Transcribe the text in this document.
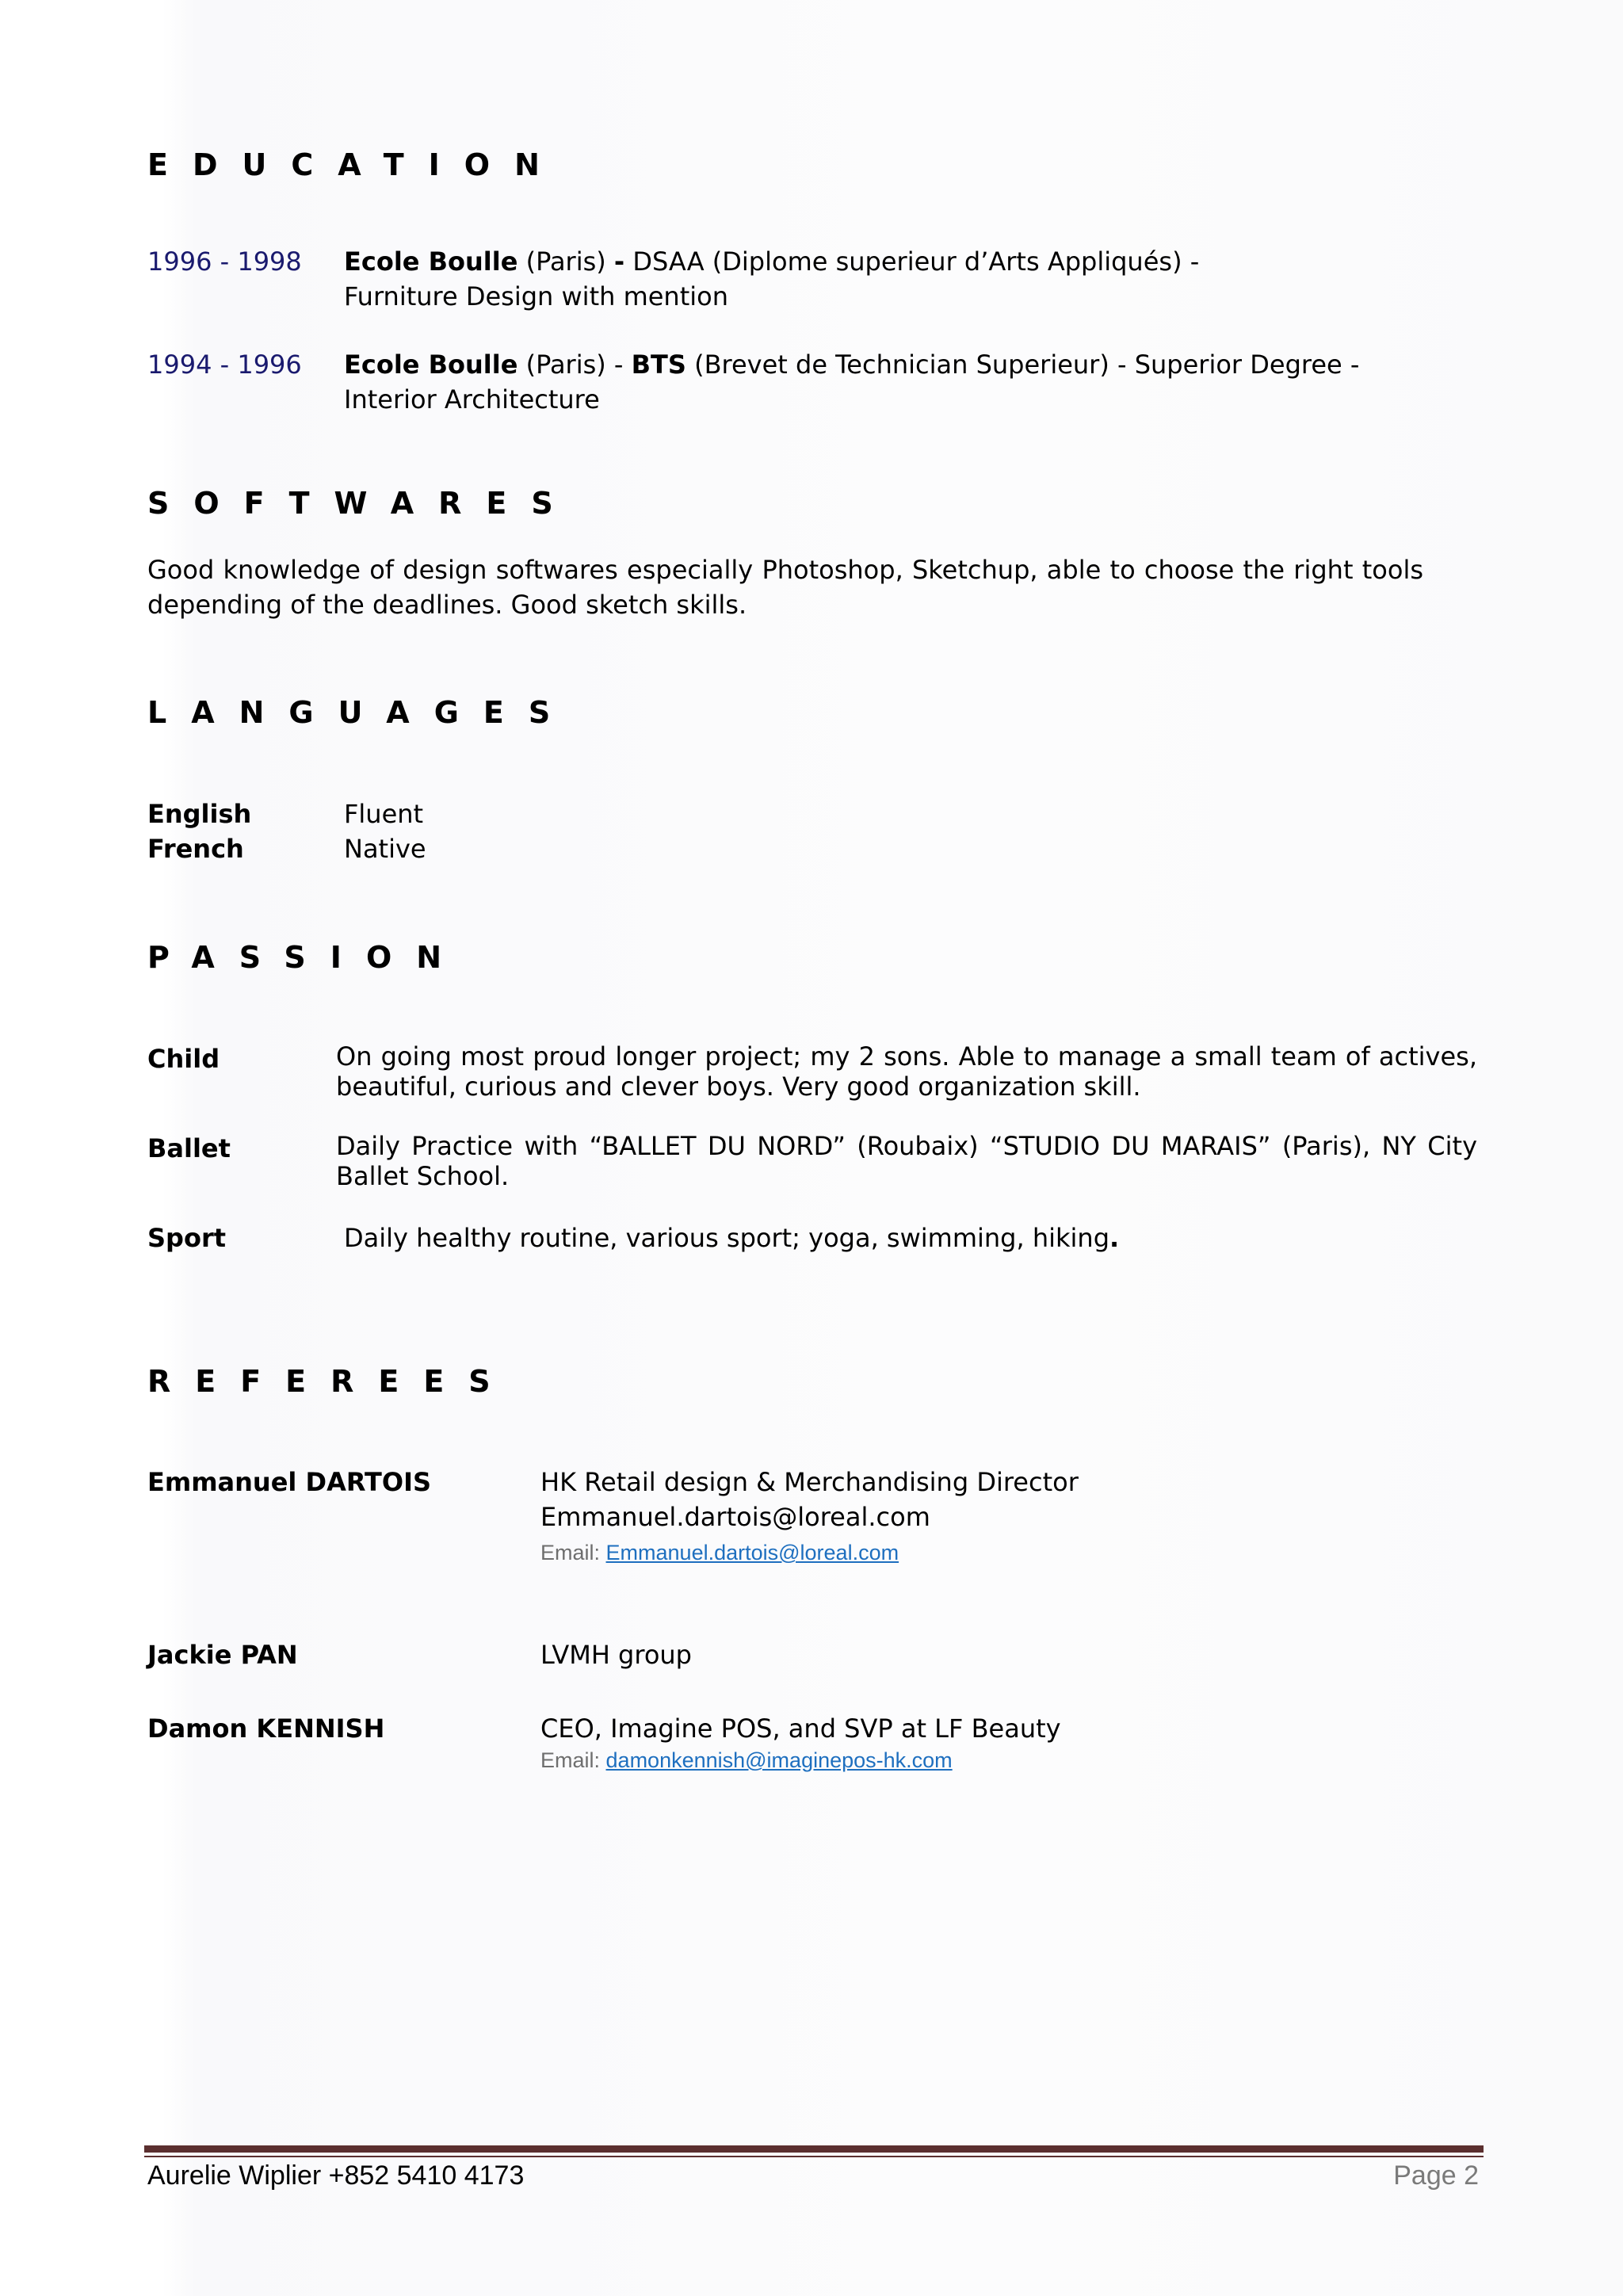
EDUCATION
1996 - 1998 Ecole Boulle (Paris) - DSAA (Diplome superieur d’Arts Appliqués) -
Furniture Design with mention
1994 - 1996 Ecole Boulle (Paris) - BTS (Brevet de Technician Superieur) - Superior Degree -
Interior Architecture
SOFTWARES
Good knowledge of design softwares especially Photoshop, Sketchup, able to choose the right tools depending of the deadlines. Good sketch skills.
LANGUAGES
English	Fluent
French	Native
PASSION
Child	On going most proud longer project; my 2 sons. Able to manage a small team of actives, beautiful, curious and clever boys. Very good organization skill.
Ballet	Daily Practice with “BALLET DU NORD” (Roubaix) “STUDIO DU MARAIS” (Paris), NY City Ballet School.
Sport	Daily healthy routine, various sport; yoga, swimming, hiking.
REFEREES
Emmanuel DARTOIS	HK Retail design & Merchandising Director
Emmanuel.dartois@loreal.com
Email: Emmanuel.dartois@loreal.com
Jackie PAN	LVMH group
Damon KENNISH	CEO, Imagine POS, and SVP at LF Beauty
Email: damonkennish@imaginepos-hk.com
Aurelie Wiplier +852 5410 4173	Page 2
